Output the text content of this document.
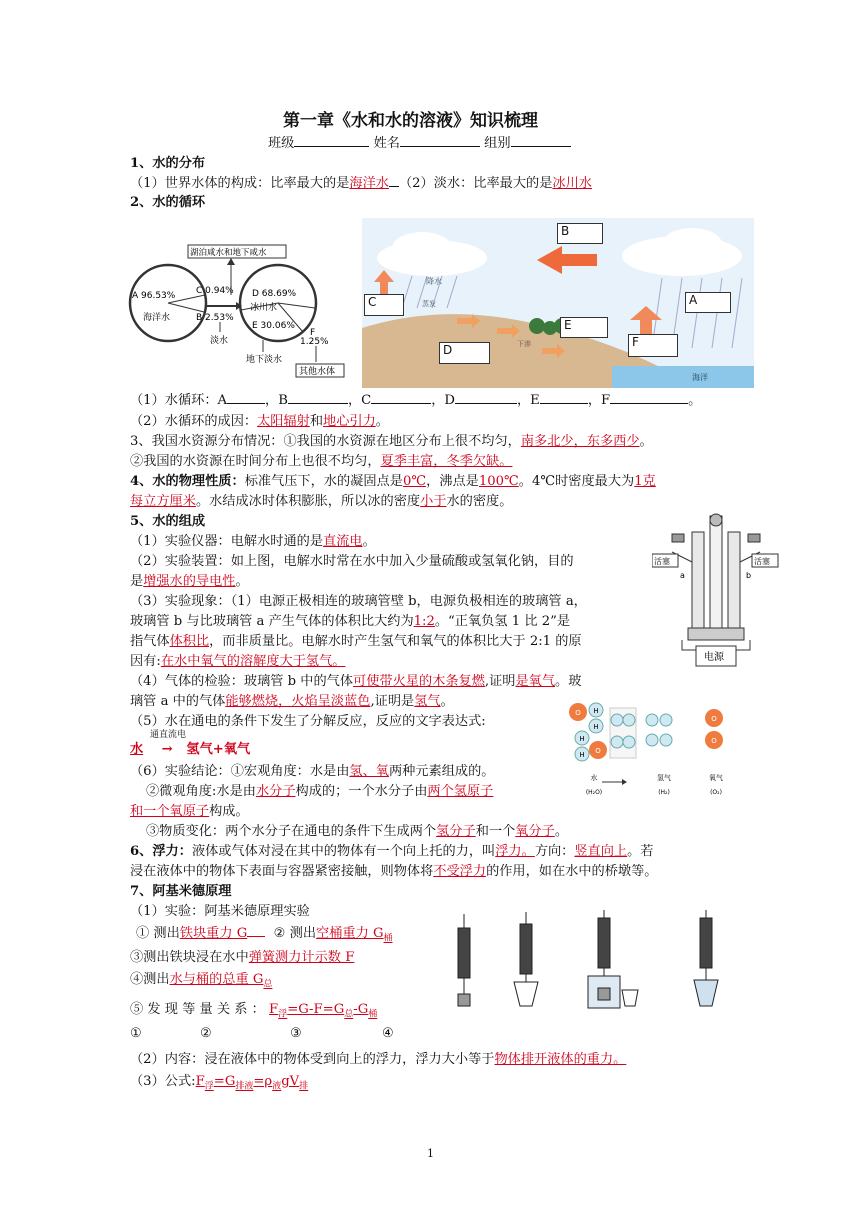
第一章《水和水的溶液》知识梳理
班级	姓名	组别
1、水的分布
（1）世界水体的构成：比率最大的是海洋水 （2）淡水：比率最大的是冰川水
2、水的循环
湖泊咸水和地下咸水
A 96.53%
海洋水
C 0.94%
B 2.53%
淡水
D 68.69%
冰川水
E 30.06%
F
1.25%
地下淡水
其他水体
海洋
降水
蒸发
下渗
B
C	A
E
F
D
（1）水循环：A	，B	，C	，D	，E	，F	。
（2）水循环的成因：太阳辐射和地心引力。
3、我国水资源分布情况：①我国的水资源在地区分布上很不均匀，南多北少，东多西少。
②我国的水资源在时间分布上也很不均匀，夏季丰富，冬季欠缺。
4、水的物理性质：标准气压下，水的凝固点是0℃，沸点是100℃。4℃时密度最大为1克
每立方厘米。水结成冰时体积膨胀，所以冰的密度小于水的密度。
5、水的组成
（1）实验仪器：电解水时通的是直流电。
（2）实验装置：如上图，电解水时常在水中加入少量硫酸或氢氧化钠，目的
是增强水的导电性。
（3）实验现象：（1）电源正极相连的玻璃管壁 b，电源负极相连的玻璃管 a，
玻璃管 b 与比玻璃管 a 产生气体的体积比大约为1:2。“正氧负氢 1 比 2”是
指气体体积比，而非质量比。电解水时产生氢气和氧气的体积比大于 2:1 的原
因有:在水中氧气的溶解度大于氢气。
（4）气体的检验：玻璃管 b 中的气体可使带火星的木条复燃,证明是氧气。玻
璃管 a 中的气体能够燃烧，火焰呈淡蓝色,证明是氢气。
（5）水在通电的条件下发生了分解反应，反应的文字表达式:
通直流电
水 → 氢气+氧气
（6）实验结论：①宏观角度：水是由氢、氧两种元素组成的。
②微观角度:水是由水分子构成的；一个水分子由两个氢原子
和一个氧原子构成。
③物质变化：两个水分子在通电的条件下生成两个氢分子和一个氧分子。
活塞	活塞
a	b
电源
O H
H
H
H O
O
O
水
(H₂O)
氢气
(H₂)
氧气
(O₂)
6、浮力：液体或气体对浸在其中的物体有一个向上托的力，叫浮力。方向：竖直向上。若
浸在液体中的物体下表面与容器紧密接触，则物体将不受浮力的作用，如在水中的桥墩等。
7、阿基米德原理
（1）实验：阿基米德原理实验
① 测出铁块重力 G ② 测出空桶重力 $G_桶$
③测出铁块浸在水中弹簧测力计示数 F
④测出水与桶的总重 $G_总$
⑤ 发 现 等 量 关 系 ： $F_浮=G-F=G_总-G_桶$
①	②	③	④
（2）内容：浸在液体中的物体受到向上的浮力，浮力大小等于物体排开液体的重力。
（3）公式$:F_浮=G_{排液}=\rho_液gV_排$
1
